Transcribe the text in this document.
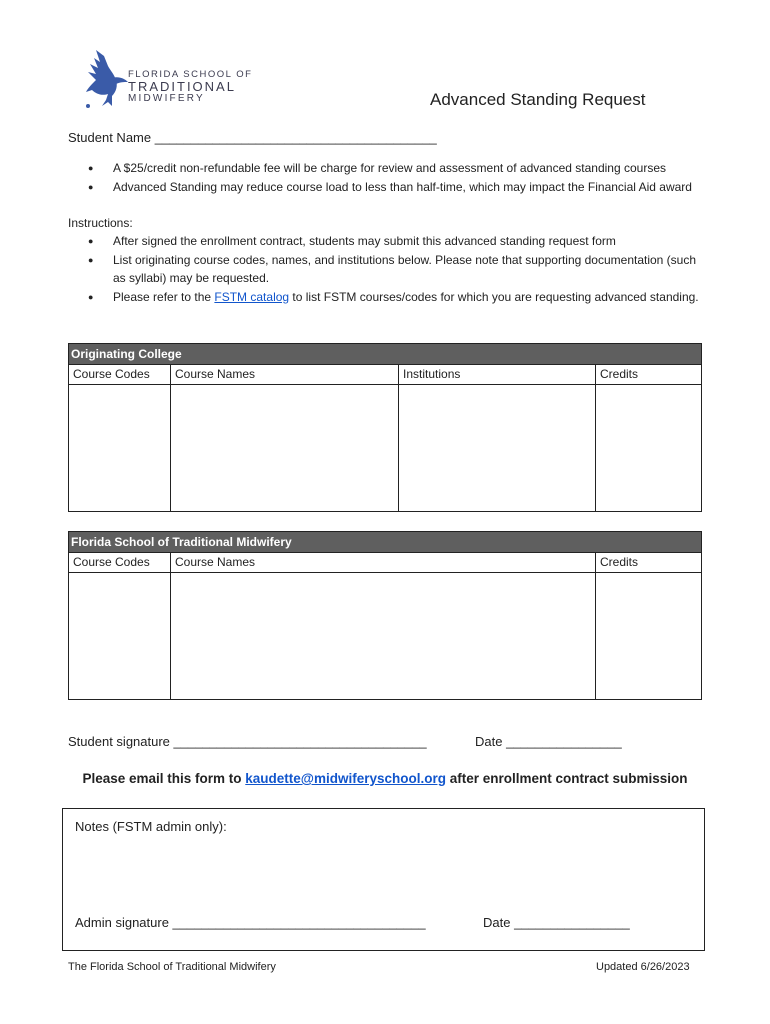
FLORIDA SCHOOL OF
TRADITIONAL
MIDWIFERY	Advanced Standing Request
Student Name _______________________________________
● A $25/credit non-refundable fee will be charge for review and assessment of advanced standing courses
● Advanced Standing may reduce course load to less than half-time, which may impact the Financial Aid award
Instructions:
● After signed the enrollment contract, students may submit this advanced standing request form
● List originating course codes, names, and institutions below. Please note that supporting documentation (such as syllabi) may be requested.
● Please refer to the FSTM catalog to list FSTM courses/codes for which you are requesting advanced standing.
Originating College			
Course Codes	Course Names	Institutions	Credits

Florida School of Traditional Midwifery		
Course Codes	Course Names	Credits

Student signature ___________________________________	Date ________________
Please email this form to kaudette@midwiferyschool.org after enrollment contract submission
Notes (FSTM admin only):
Admin signature ___________________________________	Date ________________
The Florida School of Traditional Midwifery	Updated 6/26/2023
